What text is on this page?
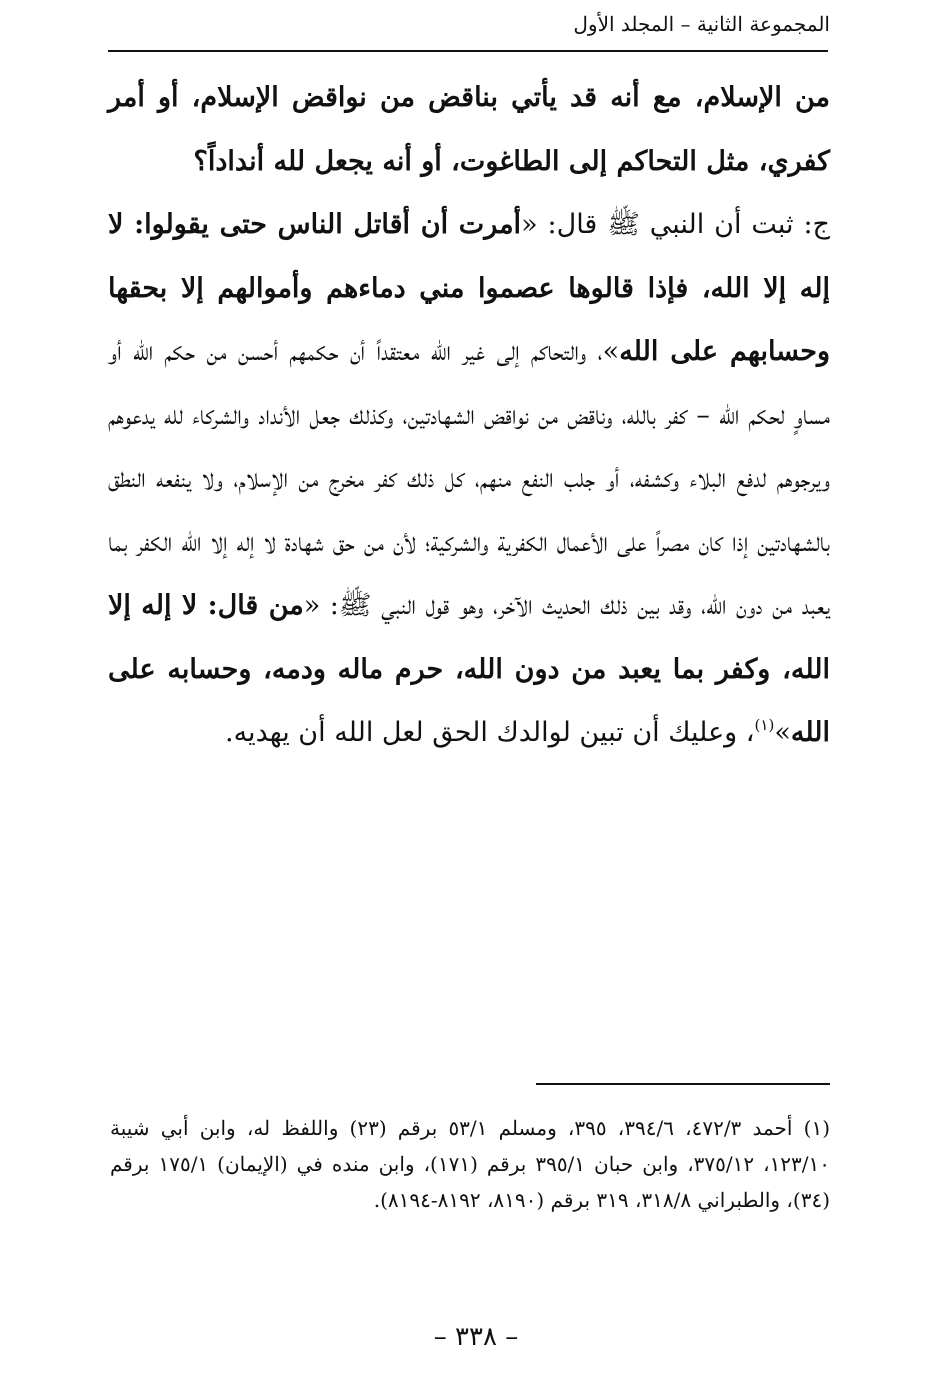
المجموعة الثانية – المجلد الأول

من الإسلام، مع أنه قد يأتي بناقض من نواقض الإسلام، أو أمر كفري، مثل التحاكم إلى الطاغوت، أو أنه يجعل لله أنداداً؟

ج: ثبت أن النبي ﷺ قال: «أمرت أن أقاتل الناس حتى يقولوا: لا إله إلا الله، فإذا قالوها عصموا مني دماءهم وأموالهم إلا بحقها وحسابهم على الله»، والتحاكم إلى غير الله معتقداً أن حكمهم أحسن من حكم الله أو مساوٍ لحكم الله – كفر بالله، وناقض من نواقض الشهادتين، وكذلك جعل الأنداد والشركاء لله يدعوهم ويرجوهم لدفع البلاء وكشفه، أو جلب النفع منهم، كل ذلك كفر مخرج من الإسلام، ولا ينفعه النطق بالشهادتين إذا كان مصراً على الأعمال الكفرية والشركية؛ لأن من حق شهادة لا إله إلا الله الكفر بما يعبد من دون الله، وقد بين ذلك الحديث الآخر، وهو قول النبي ﷺ: «من قال: لا إله إلا الله، وكفر بما يعبد من دون الله، حرم ماله ودمه، وحسابه على الله»$^{(١)}$، وعليك أن تبين لوالدك الحق لعل الله أن يهديه.

(١) أحمد ٤٧٢/٣، ٣٩٤/٦، ٣٩٥، ومسلم ٥٣/١ برقم (٢٣) واللفظ له، وابن أبي شيبة ١٢٣/١٠، ٣٧٥/١٢، وابن حبان ٣٩٥/١ برقم (١٧١)، وابن منده في (الإيمان) ١٧٥/١ برقم (٣٤)، والطبراني ٣١٨/٨، ٣١٩ برقم (٨١٩٠، ٨١٩٢-٨١٩٤).

– ٣٣٨ –
